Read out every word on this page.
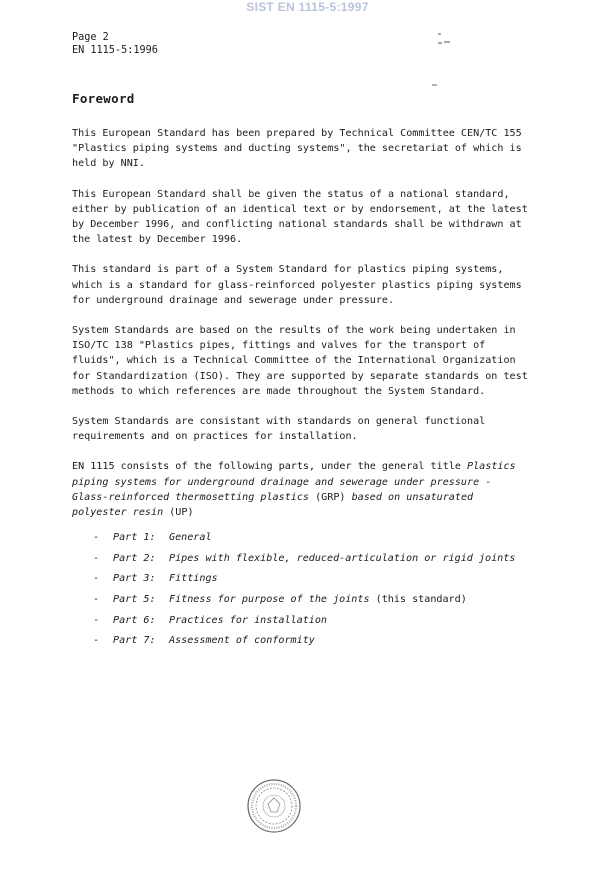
SIST EN 1115-5:1997
Page 2
EN 1115-5:1996
Foreword

This European Standard has been prepared by Technical Committee CEN/TC 155
"Plastics piping systems and ducting systems", the secretariat of which is
held by NNI.

This European Standard shall be given the status of a national standard,
either by publication of an identical text or by endorsement, at the latest
by December 1996, and conflicting national standards shall be withdrawn at
the latest by December 1996.

This standard is part of a System Standard for plastics piping systems,
which is a standard for glass-reinforced polyester plastics piping systems
for underground drainage and sewerage under pressure.

System Standards are based on the results of the work being undertaken in
ISO/TC 138 "Plastics pipes, fittings and valves for the transport of
fluids", which is a Technical Committee of the International Organization
for Standardization (ISO). They are supported by separate standards on test
methods to which references are made throughout the System Standard.

System Standards are consistant with standards on general functional
requirements and on practices for installation.

EN 1115 consists of the following parts, under the general title Plastics
piping systems for underground drainage and sewerage under pressure -
Glass-reinforced thermosetting plastics (GRP) based on unsaturated
polyester resin (UP)

- Part 1: General
- Part 2: Pipes with flexible, reduced-articulation or rigid joints
- Part 3: Fittings
- Part 5: Fitness for purpose of the joints (this standard)
- Part 6: Practices for installation
- Part 7: Assessment of conformity
